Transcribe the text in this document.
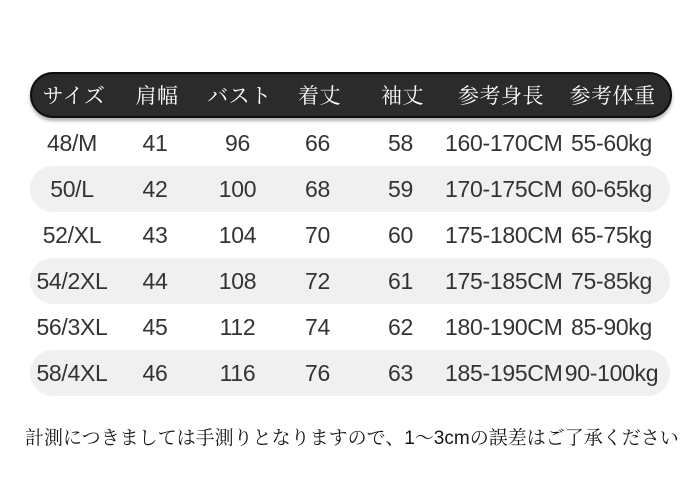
サイズ	肩幅	バスト	着丈	袖丈	参考身長	参考体重
48/M	41	96	66	58	160-170CM 55-60kg
50/L	42	100	68	59	170-175CM 60-65kg
52/XL	43	104	70	60	175-180CM 65-75kg
54/2XL	44	108	72	61	175-185CM 75-85kg
56/3XL	45	112	74	62	180-190CM 85-90kg
58/4XL	46	116	76	63	185-195CM 90-100kg
計測につきましては手測りとなりますので、1〜3cmの誤差はご了承ください
